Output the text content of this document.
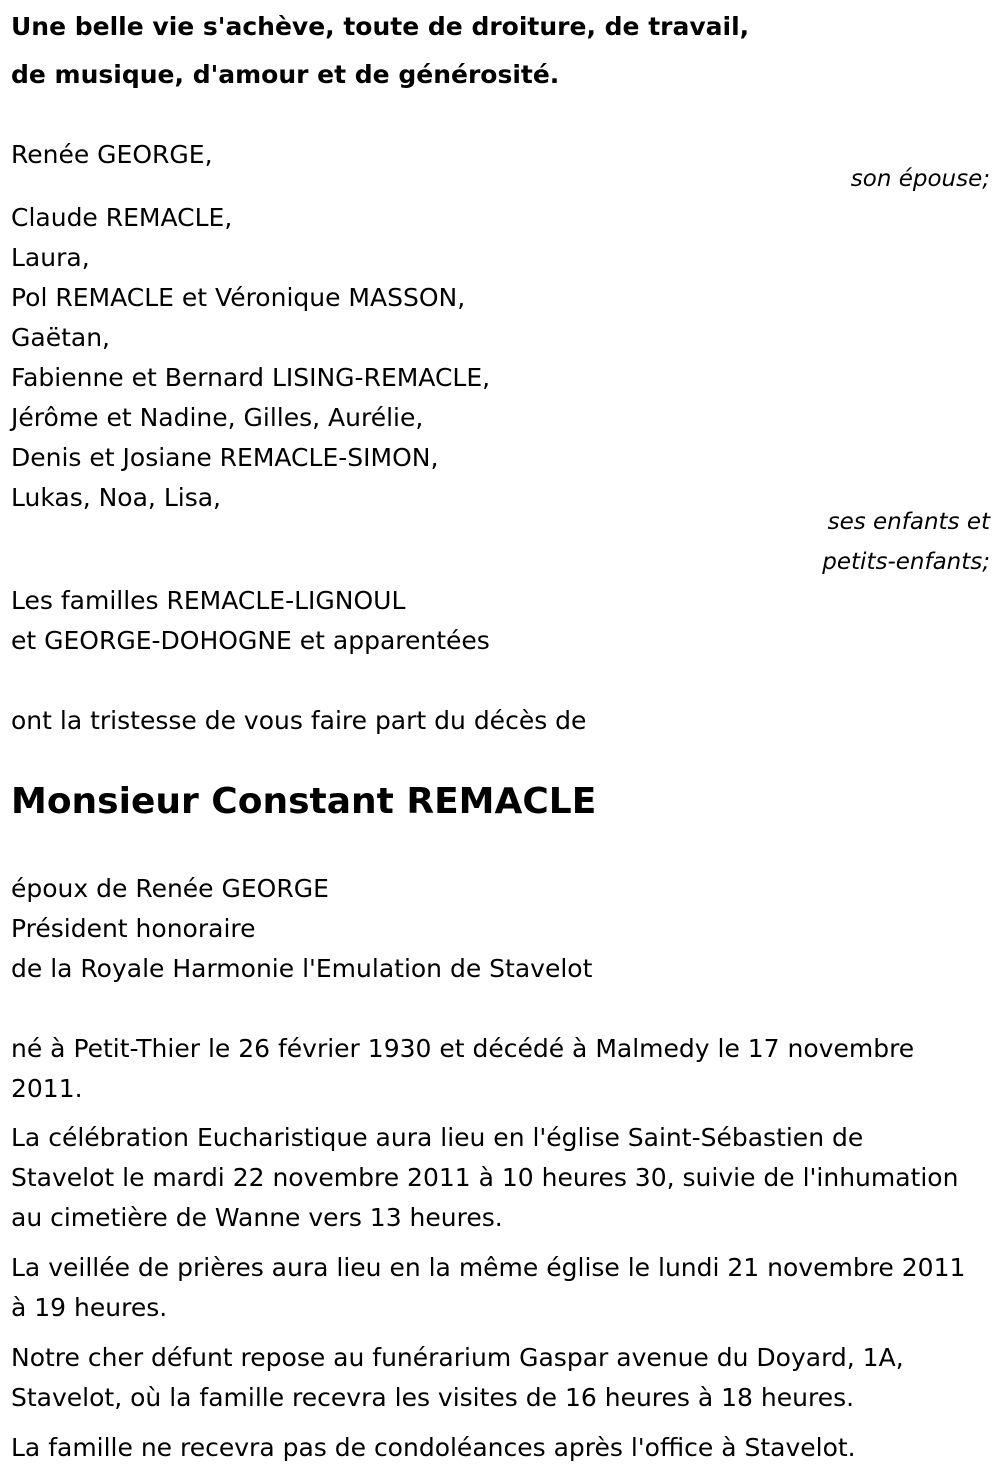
Une belle vie s'achève, toute de droiture, de travail,

de musique, d'amour et de générosité.

Renée GEORGE,

son épouse;

Claude REMACLE,

Laura,

Pol REMACLE et Véronique MASSON,

Gaëtan,

Fabienne et Bernard LISING-REMACLE,

Jérôme et Nadine, Gilles, Aurélie,

Denis et Josiane REMACLE-SIMON,

Lukas, Noa, Lisa,

ses enfants et

petits-enfants;

Les familles REMACLE-LIGNOUL

et GEORGE-DOHOGNE et apparentées

ont la tristesse de vous faire part du décès de

Monsieur Constant REMACLE

époux de Renée GEORGE

Président honoraire

de la Royale Harmonie l'Emulation de Stavelot

né à Petit-Thier le 26 février 1930 et décédé à Malmedy le 17 novembre 2011.

La célébration Eucharistique aura lieu en l'église Saint-Sébastien de Stavelot le mardi 22 novembre 2011 à 10 heures 30, suivie de l'inhumation au cimetière de Wanne vers 13 heures.

La veillée de prières aura lieu en la même église le lundi 21 novembre 2011 à 19 heures.

Notre cher défunt repose au funérarium Gaspar avenue du Doyard, 1A, Stavelot, où la famille recevra les visites de 16 heures à 18 heures.

La famille ne recevra pas de condoléances après l'office à Stavelot.
